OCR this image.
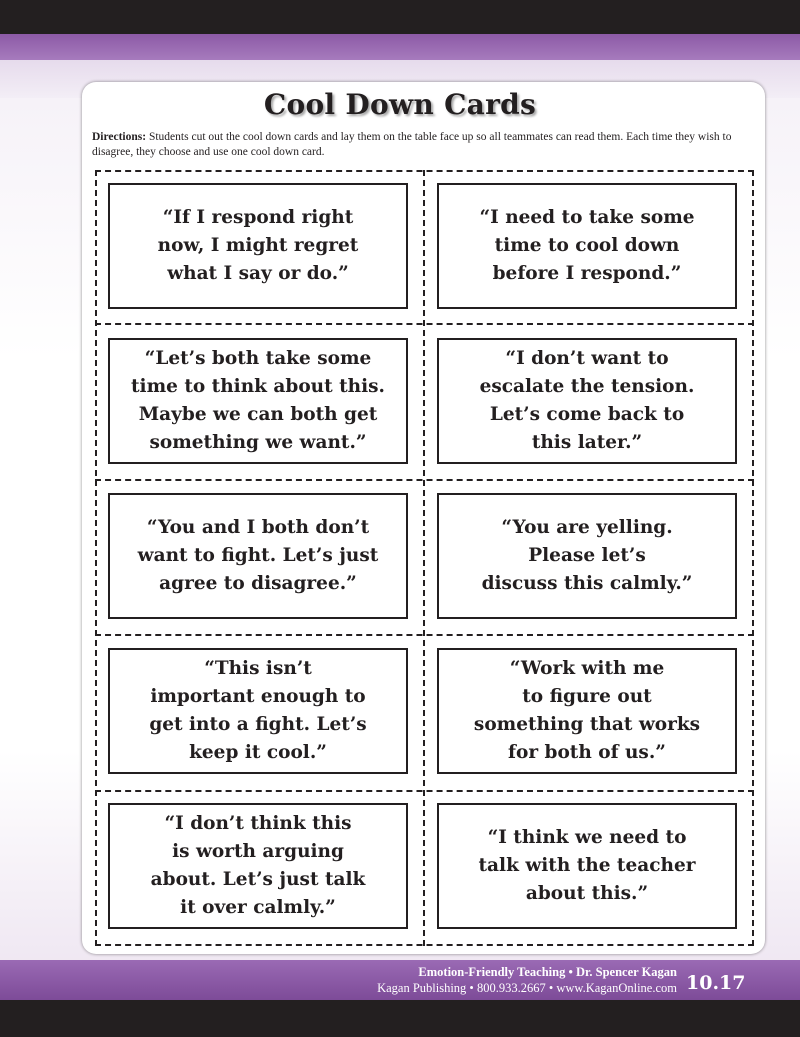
Cool Down Cards
Directions: Students cut out the cool down cards and lay them on the table face up so all teammates can read them. Each time they wish to disagree, they choose and use one cool down card.
“If I respond right
now, I might regret
what I say or do.”
“I need to take some
time to cool down
before I respond.”
“Let’s both take some
time to think about this.
Maybe we can both get
something we want.”
“I don’t want to
escalate the tension.
Let’s come back to
this later.”
“You and I both don’t
want to fight. Let’s just
agree to disagree.”
“You are yelling.
Please let’s
discuss this calmly.”
“This isn’t
important enough to
get into a fight. Let’s
keep it cool.”
“Work with me
to figure out
something that works
for both of us.”
“I don’t think this
is worth arguing
about. Let’s just talk
it over calmly.”
“I think we need to
talk with the teacher
about this.”
Emotion-Friendly Teaching • Dr. Spencer Kagan
Kagan Publishing • 800.933.2667 • www.KaganOnline.com 10.17
